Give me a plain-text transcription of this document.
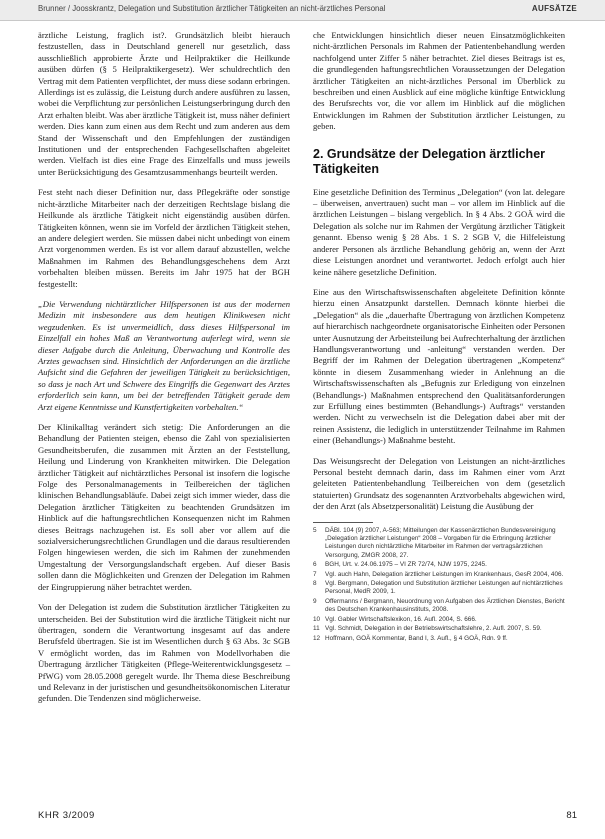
Brunner / Joosskrantz, Delegation und Substitution ärztlicher Tätigkeiten an nicht-ärztliches Personal	AUFSÄTZE

ärztliche Leistung, fraglich ist?. Grundsätzlich bleibt hierauch festzustellen, dass in Deutschland generell nur gesetzlich, dass ausschließlich approbierte Ärzte und Heilpraktiker die Heilkunde ausüben dürfen (§ 5 Heilpraktikergesetz). Wer schuldrechtlich den Vertrag mit dem Patienten verpflichtet, der muss diese sodann erbringen. Allerdings ist es zulässig, die Leistung durch andere ausführen zu lassen, wobei die Verpflichtung zur persönlichen Leistungserbringung durch den Arzt erhalten bleibt. Was aber ärztliche Tätigkeit ist, muss näher definiert werden. Dies kann zum einen aus dem Recht und zum anderen aus dem Stand der Wissenschaft und den Empfehlungen der zuständigen Institutionen und der entsprechenden Fachgesellschaften abgeleitet werden. Vielfach ist dies eine Frage des Einzelfalls und muss jeweils unter Berücksichtigung des Gesamtzusammenhangs beurteilt werden.

Fest steht nach dieser Definition nur, dass Pflegekräfte oder sonstige nicht-ärztliche Mitarbeiter nach der derzeitigen Rechtslage bislang die Heilkunde als ärztliche Tätigkeit nicht eigenständig ausüben dürfen. Tätigkeiten können, wenn sie im Vorfeld der ärztlichen Tätigkeit stehen, an andere delegiert werden. Sie müssen dabei nicht unbedingt von einem Arzt vorgenommen werden. Es ist vor allem darauf abzustellen, welche Maßnahmen im Rahmen des Behandlungsgeschehens dem Arzt vorbehalten bleiben müssen. Bereits im Jahr 1975 hat der BGH festgestellt:

„Die Verwendung nichtärztlicher Hilfspersonen ist aus der modernen Medizin mit insbesondere aus dem heutigen Klinikwesen nicht wegzudenken. Es ist unvermeidlich, dass dieses Hilfspersonal im Einzelfall ein hohes Maß an Verantwortung auferlegt wird, wenn sie dieser Aufgabe durch die Anleitung, Überwachung und Kontrolle des Arztes gewachsen sind. Hinsichtlich der Anforderungen an die ärztliche Aufsicht sind die Gefahren der jeweiligen Tätigkeit zu berücksichtigen, so dass je nach Art und Schwere des Eingriffs die Gegenwart des Arztes erforderlich sein kann, um bei der betreffenden Tätigkeit gerade dem Arzt eigene Kenntnisse und Kunstfertigkeiten vorbehalten.“

Der Klinikalltag verändert sich stetig: Die Anforderungen an die Behandlung der Patienten steigen, ebenso die Zahl von spezialisierten Gesundheitsberufen, die zusammen mit Ärzten an der Feststellung, Heilung und Linderung von Krankheiten mitwirken. Die Delegation ärztlicher Tätigkeit auf nichtärztliches Personal ist insofern die logische Folge des Personalmanagements in Teilbereichen der täglichen klinischen Behandlungsabläufe. Dabei zeigt sich immer wieder, dass die Delegation ärztlicher Tätigkeiten zu beachtenden Grundsätzen im Hinblick auf die haftungsrechtlichen Konsequenzen nicht im Rahmen dieses Beitrags nachzugehen ist. Es soll aber vor allem auf die sozialversicherungsrechtlichen Grundlagen und die daraus resultierenden Folgen hingewiesen werden, die sich im Rahmen der zunehmenden Umgestaltung der Versorgungslandschaft ergeben. Auf dieser Basis sollen dann die Möglichkeiten und Grenzen der Delegation im Rahmen der Eingruppierung näher betrachtet werden.

Von der Delegation ist zudem die Substitution ärztlicher Tätigkeiten zu unterscheiden. Bei der Substitution wird die ärztliche Tätigkeit nicht nur übertragen, sondern die Verantwortung insgesamt auf das andere Berufsfeld übertragen. Sie ist im Wesentlichen durch § 63 Abs. 3c SGB V ermöglicht worden, das im Rahmen von Modellvorhaben die Übertragung ärztlicher Tätigkeiten (Pflege-Weiterentwicklungsgesetz – PfWG) vom 28.05.2008 geregelt wurde. Ihr Thema diese Beschreibung und Relevanz in der juristischen und gesundheitsökonomischen Literatur gefunden. Die Tendenzen sind möglicherweise.

che Entwicklungen hinsichtlich dieser neuen Einsatzmöglichkeiten nicht-ärztlichen Personals im Rahmen der Patientenbehandlung werden nachfolgend unter Ziffer 5 näher betrachtet. Ziel dieses Beitrags ist es, die grundlegenden haftungsrechtlichen Voraussetzungen der Delegation ärztlicher Tätigkeiten an nicht-ärztliches Personal im Überblick zu beschreiben und einen Ausblick auf eine mögliche künftige Entwicklung des Berufsrechts vor, die vor allem im Hinblick auf die möglichen Entwicklungen im Rahmen der Substitution ärztlicher Leistungen, zu geben.

2. Grundsätze der Delegation ärztlicher Tätigkeiten

Eine gesetzliche Definition des Terminus „Delegation“ (von lat. delegare – überweisen, anvertrauen) sucht man – vor allem im Hinblick auf die ärztlichen Leistungen – bislang vergeblich. In § 4 Abs. 2 GOÄ wird die Delegation als solche nur im Rahmen der Vergütung ärztlicher Tätigkeit genannt. Ebenso wenig § 28 Abs. 1 S. 2 SGB V, die Hilfeleistung anderer Personen als ärztliche Behandlung gehörig an, wenn der Arzt diese Leistungen anordnet und verantwortet. Jedoch erfolgt auch hier keine nähere gesetzliche Definition.

Eine aus den Wirtschaftswissenschaften abgeleitete Definition könnte hierzu einen Ansatzpunkt darstellen. Demnach könnte hierbei die „Delegation“ als die „dauerhafte Übertragung von ärztlichen Kompetenz auf hierarchisch nachgeordnete organisatorische Einheiten oder Personen unter Ausnutzung der Arbeitsteilung bei Aufrechterhaltung der ärztlichen Handlungsverantwortung und -anleitung“ verstanden werden. Der Begriff der im Rahmen der Delegation übertragenen „Kompetenz“ könnte in diesem Zusammenhang wieder in Anlehnung an die Wirtschaftswissenschaften als „Befugnis zur Erledigung von einzelnen (Behandlungs-) Maßnahmen entsprechend den Qualitätsanforderungen zur Erfüllung eines bestimmten (Behandlungs-) Auftrags“ verstanden werden. Nicht zu verwechseln ist die Delegation dabei aber mit der reinen Assistenz, die lediglich in unterstützender Teilnahme im Rahmen einer (Behandlungs-) Maßnahme besteht.

Das Weisungsrecht der Delegation von Leistungen an nicht-ärztliches Personal besteht demnach darin, dass im Rahmen einer vom Arzt geleiteten Patientenbehandlung Teilbereichen von dem (gesetzlich statuierten) Grundsatz des sogenannten Arztvorbehalts abgewichen wird, der den Arzt (als Absetzpersonalität) Leistung die Ausübung der

5 DÄBl. 104 (9) 2007, A-563; Mitteilungen der Kassenärztlichen Bundesvereinigung „Delegation ärztlicher Leistungen“ 2008 – Vorgaben für die Erbringung ärztlicher Leistungen durch nichtärztliche Mitarbeiter im Rahmen der vertragsärztlichen Versorgung, ZMGR 2008, 27.
6 BGH, Urt. v. 24.06.1975 – VI ZR 72/74, NJW 1975, 2245.
7 Vgl. auch Hahn, Delegation ärztlicher Leistungen im Krankenhaus, GesR 2004, 406.
8 Vgl. Bergmann, Delegation und Substitution ärztlicher Leistungen auf nichtärztliches Personal, MedR 2009, 1.
9 Offermanns / Bergmann, Neuordnung von Aufgaben des Ärztlichen Dienstes, Bericht des Deutschen Krankenhausinstituts, 2008.
10 Vgl. Gabler Wirtschaftslexikon, 16. Aufl. 2004, S. 666.
11 Vgl. Schmidt, Delegation in der Betriebswirtschaftslehre, 2. Aufl. 2007, S. 59.
12 Hoffmann, GOÄ Kommentar, Band I, 3. Aufl., § 4 GOÄ, Rdn. 9 ff.
KHR 3/2009	81
